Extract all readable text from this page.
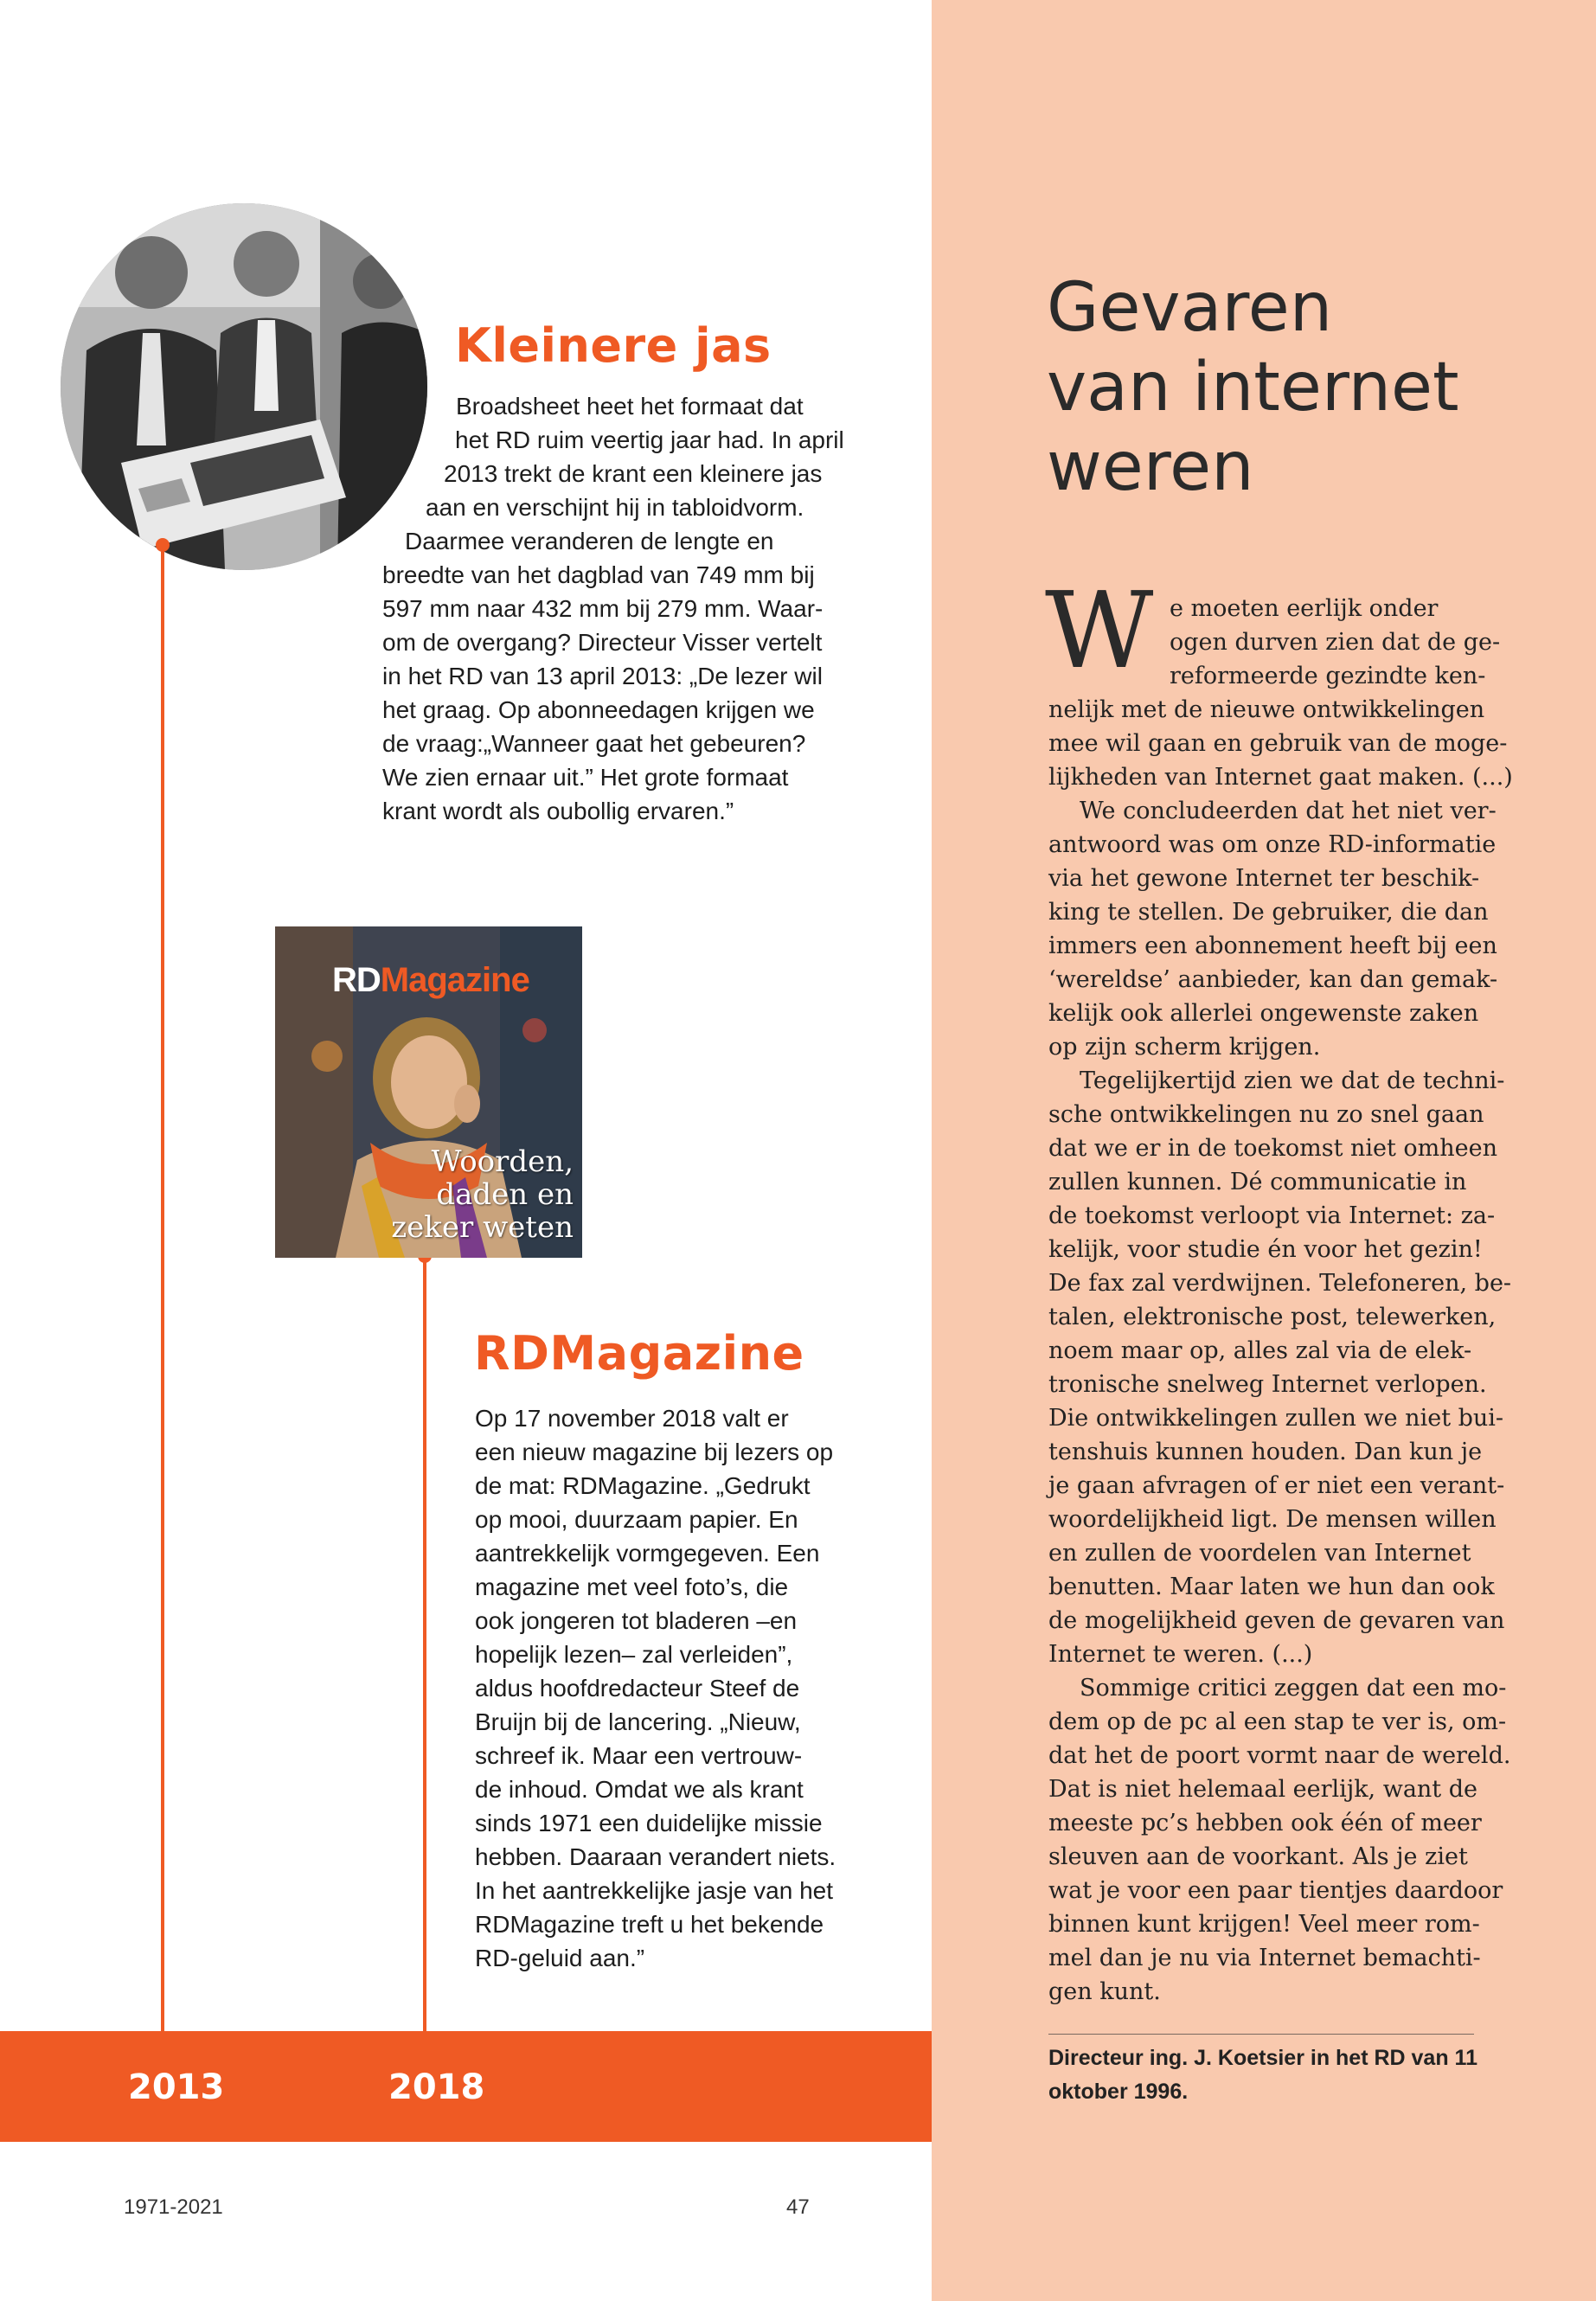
Kleinere jas

Broadsheet heet het formaat dat

het RD ruim veertig jaar had. In april

2013 trekt de krant een kleinere jas

aan en verschijnt hij in tabloidvorm.

Daarmee veranderen de lengte en

breedte van het dagblad van 749 mm bij

597 mm naar 432 mm bij 279 mm. Waar-

om de overgang? Directeur Visser vertelt

in het RD van 13 april 2013: „De lezer wil

het graag. Op abonneedagen krijgen we

de vraag:„Wanneer gaat het gebeuren?

We zien ernaar uit.” Het grote formaat

krant wordt als oubollig ervaren.”

RDMagazine
Woorden, daden en zeker weten
RDMagazine

Op 17 november 2018 valt er

een nieuw magazine bij lezers op

de mat: RDMagazine. „Gedrukt

op mooi, duurzaam papier. En

aantrekkelijk vormgegeven. Een

magazine met veel foto’s, die

ook jongeren tot bladeren –en

hopelijk lezen– zal verleiden”,

aldus hoofdredacteur Steef de

Bruijn bij de lancering. „Nieuw,

schreef ik. Maar een vertrouw-

de inhoud. Omdat we als krant

sinds 1971 een duidelijke missie

hebben. Daaraan verandert niets.

In het aantrekkelijke jasje van het

RDMagazine treft u het bekende

RD-geluid aan.”

2013	2018

1971-2021	47

Gevaren
van internet
weren

W e moeten eerlijk onder

ogen durven zien dat de ge-

reformeerde gezindte ken-

nelijk met de nieuwe ontwikkelingen

mee wil gaan en gebruik van de moge-

lijkheden van Internet gaat maken. (...)

We concludeerden dat het niet ver-

antwoord was om onze RD-informatie

via het gewone Internet ter beschik-

king te stellen. De gebruiker, die dan

immers een abonnement heeft bij een

‘wereldse’ aanbieder, kan dan gemak-

kelijk ook allerlei ongewenste zaken

op zijn scherm krijgen.

Tegelijkertijd zien we dat de techni-

sche ontwikkelingen nu zo snel gaan

dat we er in de toekomst niet omheen

zullen kunnen. Dé communicatie in

de toekomst verloopt via Internet: za-

kelijk, voor studie én voor het gezin!

De fax zal verdwijnen. Telefoneren, be-

talen, elektronische post, telewerken,

noem maar op, alles zal via de elek-

tronische snelweg Internet verlopen.

Die ontwikkelingen zullen we niet bui-

tenshuis kunnen houden. Dan kun je

je gaan afvragen of er niet een verant-

woordelijkheid ligt. De mensen willen

en zullen de voordelen van Internet

benutten. Maar laten we hun dan ook

de mogelijkheid geven de gevaren van

Internet te weren. (...)

Sommige critici zeggen dat een mo-

dem op de pc al een stap te ver is, om-

dat het de poort vormt naar de wereld.

Dat is niet helemaal eerlijk, want de

meeste pc’s hebben ook één of meer

sleuven aan de voorkant. Als je ziet

wat je voor een paar tientjes daardoor

binnen kunt krijgen! Veel meer rom-

mel dan je nu via Internet bemachti-

gen kunt.

Directeur ing. J. Koetsier in het RD van 11
oktober 1996.
